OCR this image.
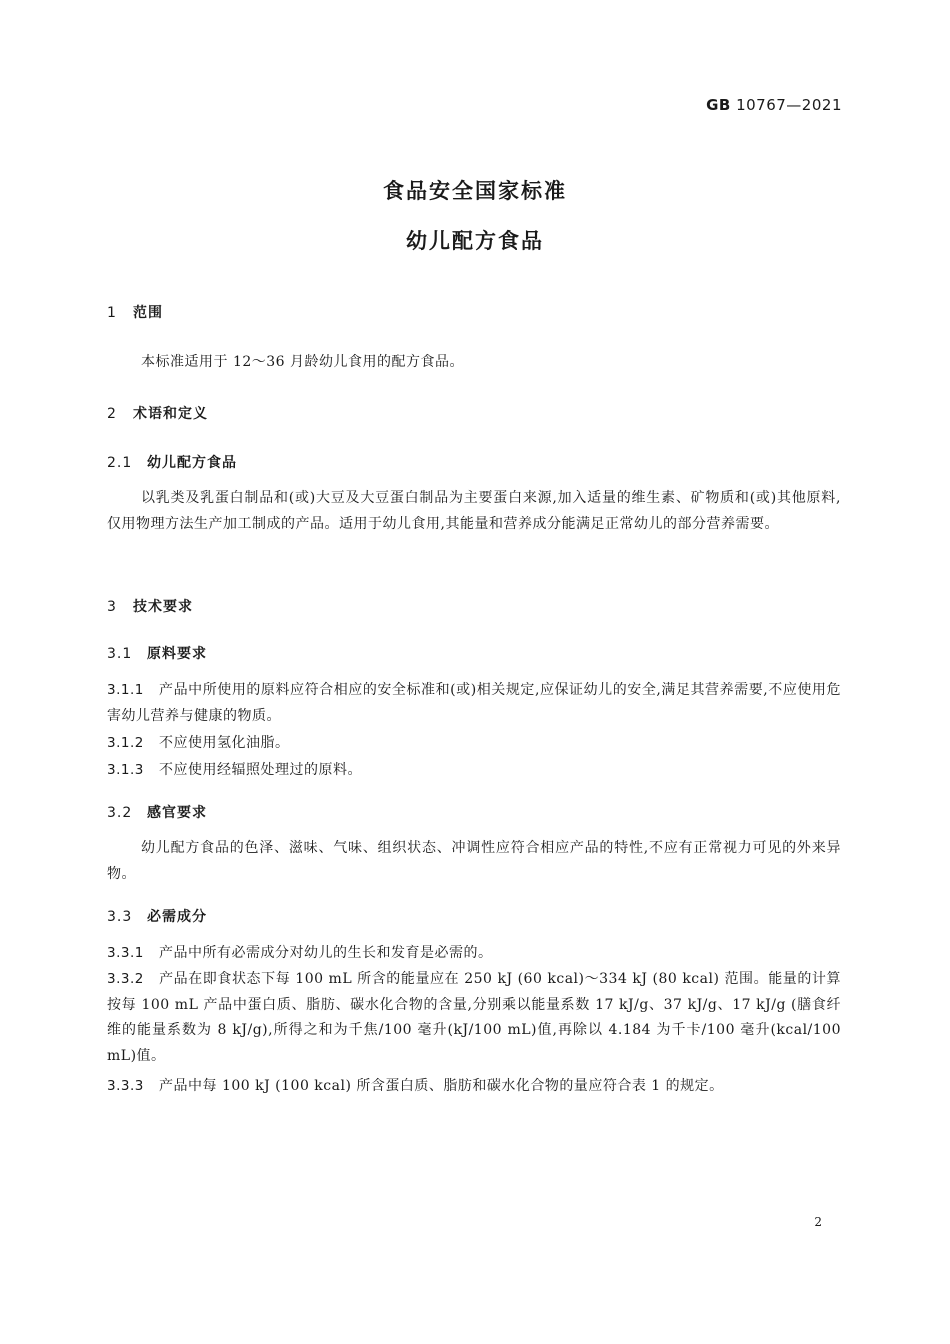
GB 10767—2021
食品安全国家标准
幼儿配方食品
1 范围
本标准适用于 12～36 月龄幼儿食用的配方食品。
2 术语和定义
2.1 幼儿配方食品
以乳类及乳蛋白制品和(或)大豆及大豆蛋白制品为主要蛋白来源,加入适量的维生素、矿物质和(或)其他原料,仅用物理方法生产加工制成的产品。适用于幼儿食用,其能量和营养成分能满足正常幼儿的部分营养需要。
3 技术要求
3.1 原料要求
3.1.1 产品中所使用的原料应符合相应的安全标准和(或)相关规定,应保证幼儿的安全,满足其营养需要,不应使用危害幼儿营养与健康的物质。
3.1.2 不应使用氢化油脂。
3.1.3 不应使用经辐照处理过的原料。
3.2 感官要求
幼儿配方食品的色泽、滋味、气味、组织状态、冲调性应符合相应产品的特性,不应有正常视力可见的外来异物。
3.3 必需成分
3.3.1 产品中所有必需成分对幼儿的生长和发育是必需的。
3.3.2 产品在即食状态下每 100 mL 所含的能量应在 250 kJ (60 kcal)～334 kJ (80 kcal) 范围。能量的计算按每 100 mL 产品中蛋白质、脂肪、碳水化合物的含量,分别乘以能量系数 17 kJ/g、37 kJ/g、17 kJ/g (膳食纤维的能量系数为 8 kJ/g),所得之和为千焦/100 毫升(kJ/100 mL)值,再除以 4.184 为千卡/100 毫升(kcal/100 mL)值。
3.3.3 产品中每 100 kJ (100 kcal) 所含蛋白质、脂肪和碳水化合物的量应符合表 1 的规定。
2
